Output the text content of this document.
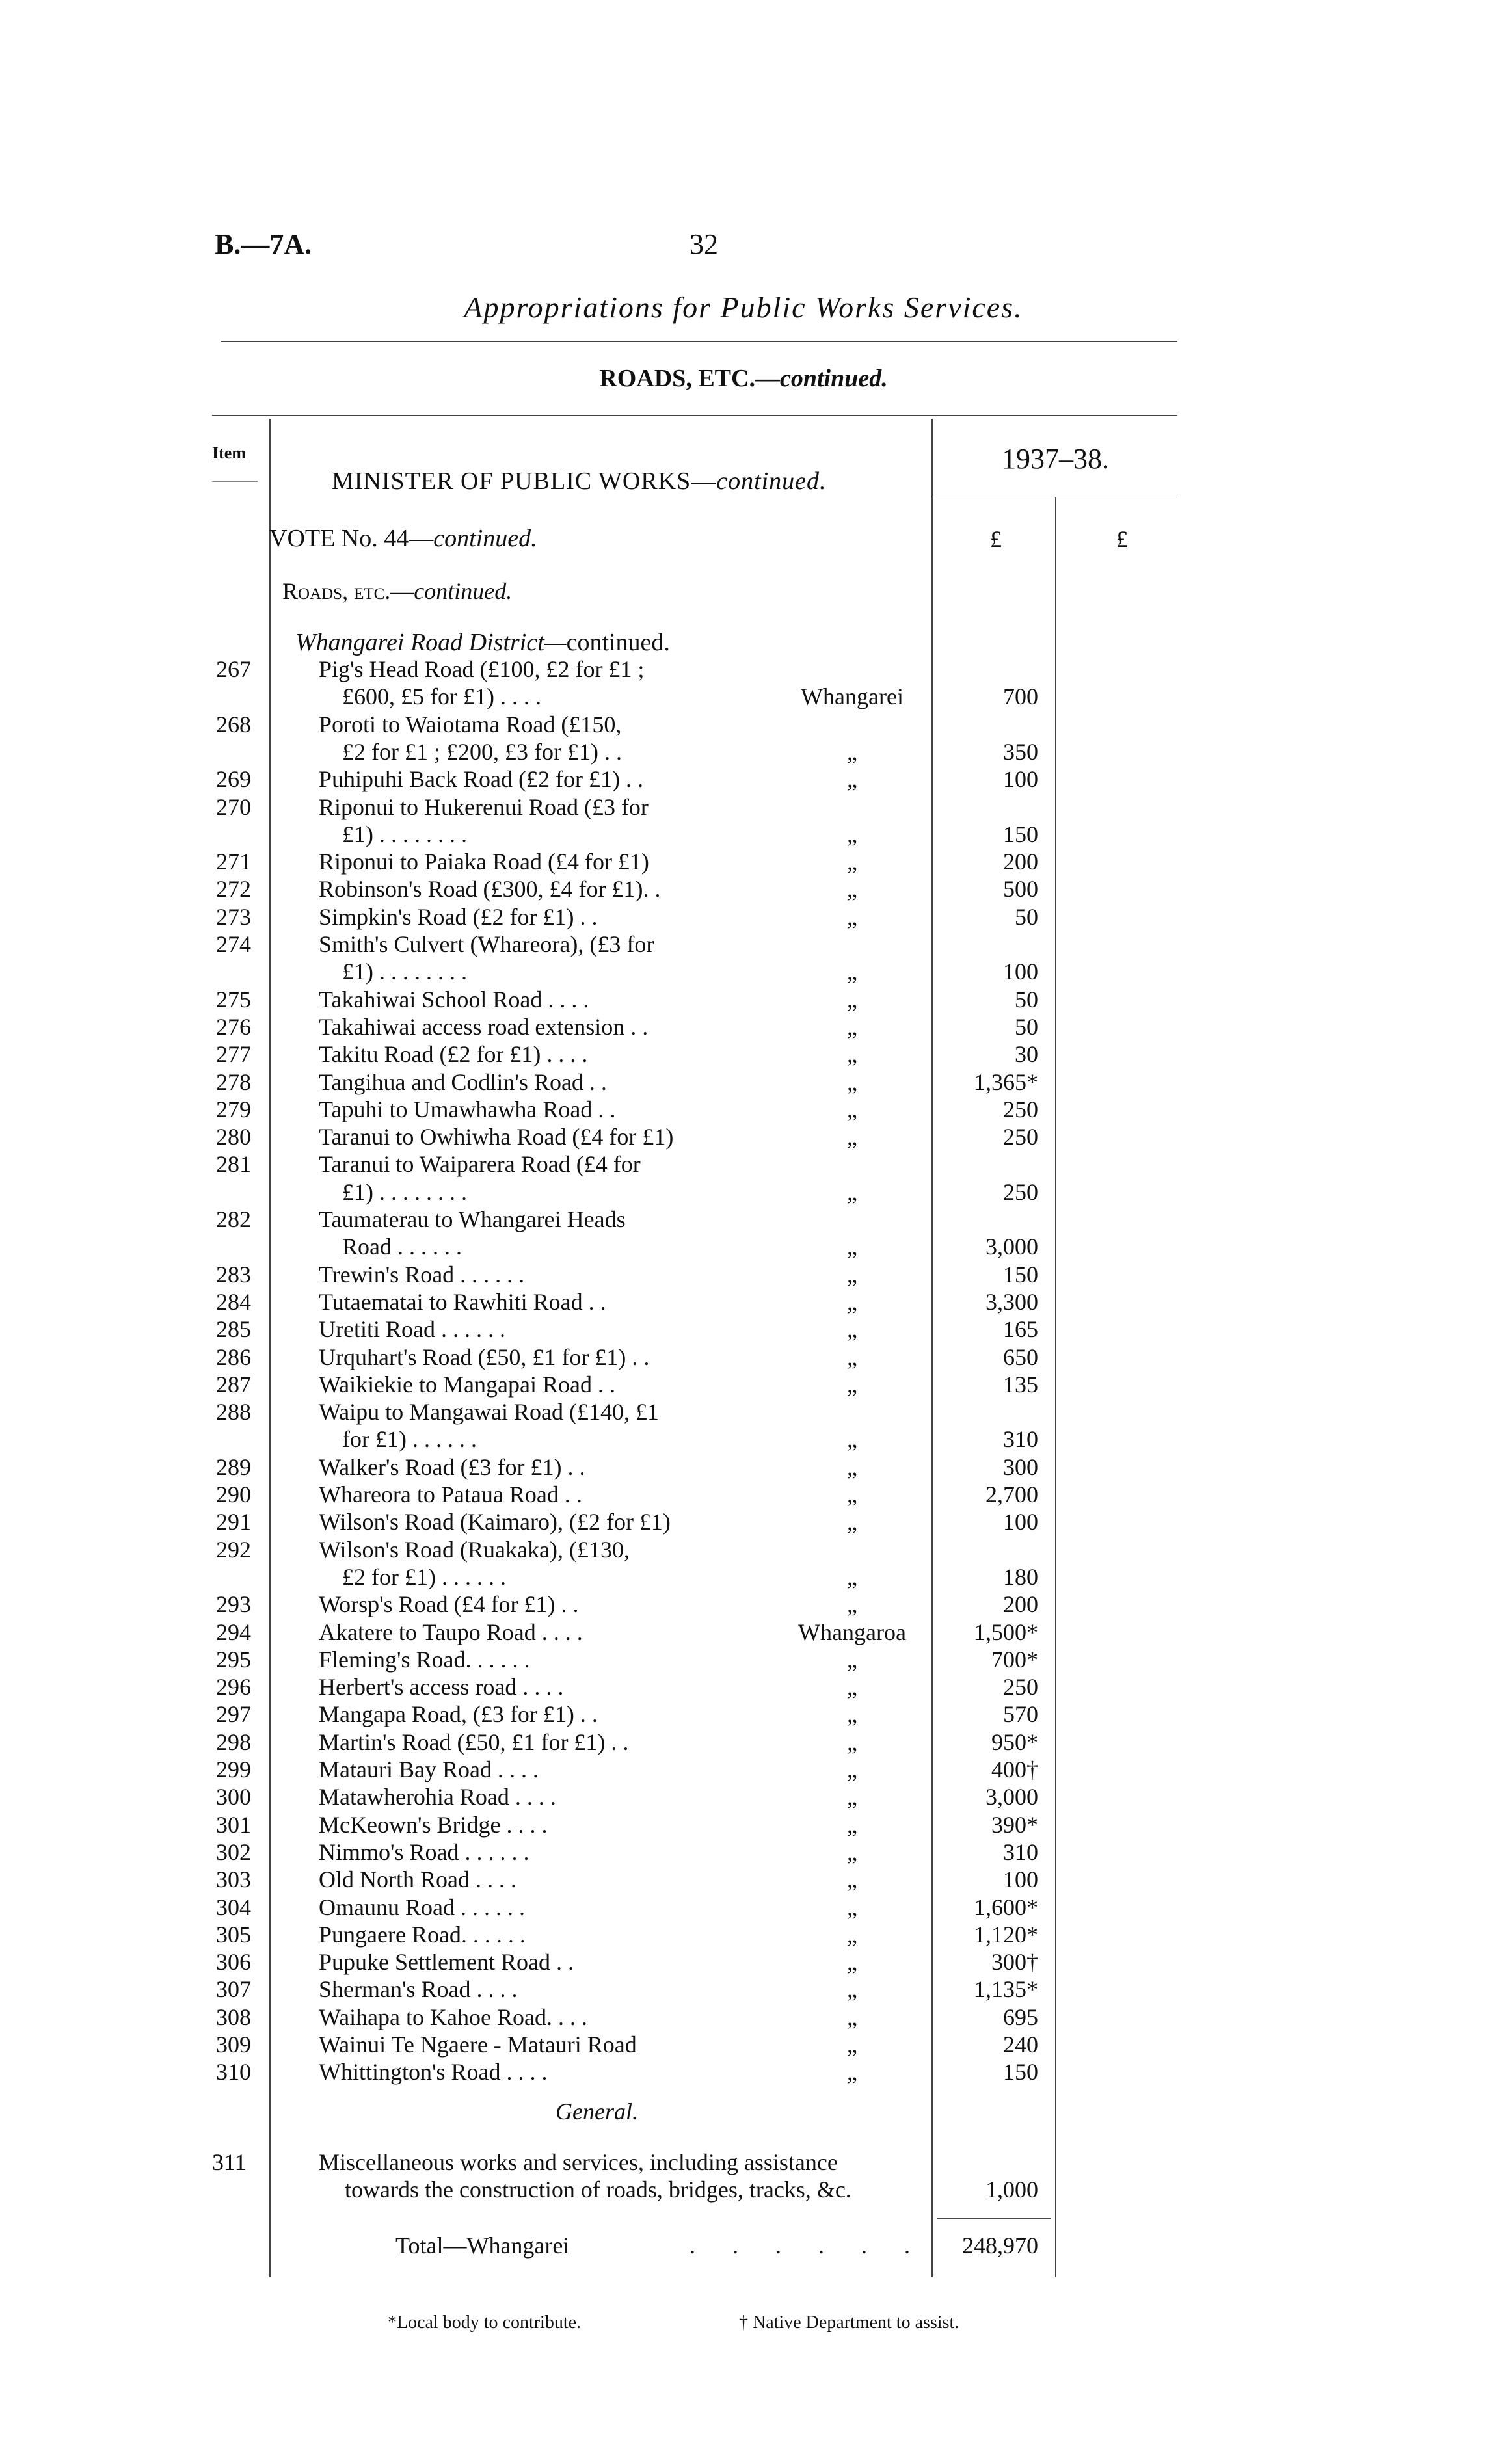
B.—7A.	32
Appropriations for Public Works Services.
ROADS, ETC.—continued.
Item	1937–38.
MINISTER OF PUBLIC WORKS—continued.
VOTE No. 44—continued.	£	£
Roads, etc.—continued.
Whangarei Road District—continued.
267	Pig's Head Road (£100, £2 for £1 ;
£600, £5 for £1) . . . .	Whangarei	700
268	Poroti to Waiotama Road (£150,
£2 for £1 ; £200, £3 for £1) . .	„	350
269	Puhipuhi Back Road (£2 for £1) . .	„	100
270	Riponui to Hukerenui Road (£3 for
£1) . . . . . . . .	„	150
271	Riponui to Paiaka Road (£4 for £1)	„	200
272	Robinson's Road (£300, £4 for £1). .	„	500
273	Simpkin's Road (£2 for £1) . .	„	50
274	Smith's Culvert (Whareora), (£3 for
£1) . . . . . . . .	„	100
275	Takahiwai School Road . . . .	„	50
276	Takahiwai access road extension . .	„	50
277	Takitu Road (£2 for £1) . . . .	„	30
278	Tangihua and Codlin's Road . .	„	1,365*
279	Tapuhi to Umawhawha Road . .	„	250
280	Taranui to Owhiwha Road (£4 for £1)	„	250
281	Taranui to Waiparera Road (£4 for
£1) . . . . . . . .	„	250
282	Taumaterau to Whangarei Heads
Road . . . . . .	„	3,000
283	Trewin's Road . . . . . .	„	150
284	Tutaematai to Rawhiti Road . .	„	3,300
285	Uretiti Road . . . . . .	„	165
286	Urquhart's Road (£50, £1 for £1) . .	„	650
287	Waikiekie to Mangapai Road . .	„	135
288	Waipu to Mangawai Road (£140, £1
for £1) . . . . . .	„	310
289	Walker's Road (£3 for £1) . .	„	300
290	Whareora to Pataua Road . .	„	2,700
291	Wilson's Road (Kaimaro), (£2 for £1)	„	100
292	Wilson's Road (Ruakaka), (£130,
£2 for £1) . . . . . .	„	180
293	Worsp's Road (£4 for £1) . .	„	200
294	Akatere to Taupo Road . . . .	Whangaroa	1,500*
295	Fleming's Road. . . . . .	„	700*
296	Herbert's access road . . . .	„	250
297	Mangapa Road, (£3 for £1) . .	„	570
298	Martin's Road (£50, £1 for £1) . .	„	950*
299	Matauri Bay Road . . . .	„	400†
300	Matawherohia Road . . . .	„	3,000
301	McKeown's Bridge . . . .	„	390*
302	Nimmo's Road . . . . . .	„	310
303	Old North Road . . . .	„	100
304	Omaunu Road . . . . . .	„	1,600*
305	Pungaere Road. . . . . .	„	1,120*
306	Pupuke Settlement Road . .	„	300†
307	Sherman's Road . . . .	„	1,135*
308	Waihapa to Kahoe Road. . . .	„	695
309	Wainui Te Ngaere - Matauri Road	„	240
310	Whittington's Road . . . .	„	150
General.
311	Miscellaneous works and services, including assistance
towards the construction of roads, bridges, tracks, &c.	1,000
Total—Whangarei	. . . . . . 248,970
*Local body to contribute.	† Native Department to assist.
